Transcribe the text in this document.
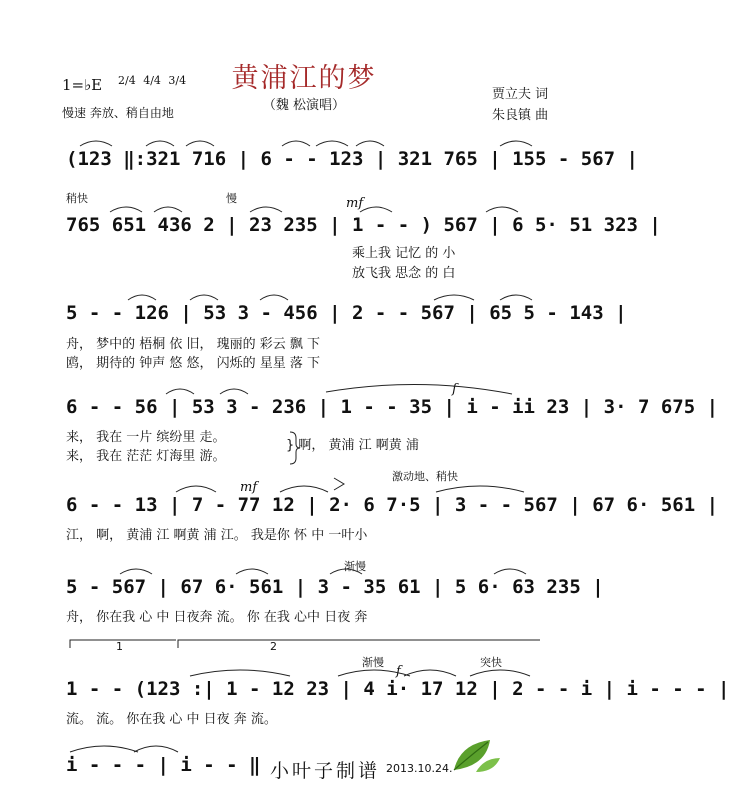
黄浦江的梦
（魏 松演唱）
1=♭E 2/4 4/4 3/4
慢速 奔放、稍自由地
贾立夫 词
朱良镇 曲
(123 ‖:321 716 | 6 - - 123 | 321 765 | 155 - 567 |
稍快	慢	mf
765 651 436 2 | 23 235 | 1 - - ) 567 | 6 5· 51 323 |
乘上我 记忆 的 小
放飞我 思念 的 白
5 - - 126 | 53 3 - 456 | 2 - - 567 | 65 5 - 143 |
舟， 梦中的 梧桐 依 旧， 瑰丽的 彩云 飘 下
鸥， 期待的 钟声 悠 悠， 闪烁的 星星 落 下
f
6 - - 56 | 53 3 - 236 | 1 - - 35 | i - ii 23 | 3· 7 675 |
来， 我在 一片 缤纷里 走。
来， 我在 茫茫 灯海里 游。
} 啊， 黄浦 江 啊黄 浦
激动地、稍快
mf
6 - - 13 | 7 - 77 12 | 2· 6 7·5 | 3 - - 567 | 67 6· 561 |
江， 啊， 黄浦 江 啊黄 浦 江。 我是你 怀 中 一叶小
渐慢
5 - 567 | 67 6· 561 | 3 - 35 61 | 5 6· 63 235 |
舟， 你在我 心 中 日夜奔 流。 你 在我 心中 日夜 奔
1	2
渐慢	突快
f
1 - - (123 :| 1 - 12 23 | 4 i· 17 12 | 2 - - i | i - - - |
流。 流。 你在我 心 中 日夜 奔 流。
i - - - | i - - ‖ 小叶子制谱 2013.10.24.
